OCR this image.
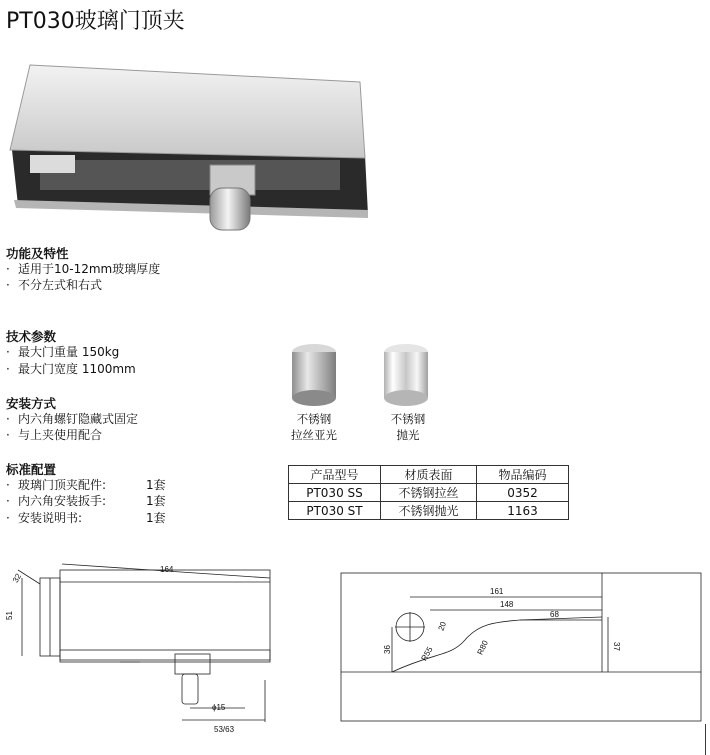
PT030玻璃门顶夹
功能及特性
· 适用于10-12mm玻璃厚度
· 不分左式和右式
技术参数
· 最大门重量 150kg
· 最大门宽度 1100mm
安装方式
· 内六角螺钉隐藏式固定
· 与上夹使用配合
标准配置
· 玻璃门顶夹配件:	1套
· 内六角安装扳手:	1套
· 安装说明书:	1套
不锈钢
拉丝亚光
不锈钢
抛光
产品型号	材质表面	物品编码
PT030 SS	不锈钢拉丝	0352
PT030 ST	不锈钢抛光	1163
164
51
32
ϕ15
53/63
161
148
68
20
36	37
R55	R80
